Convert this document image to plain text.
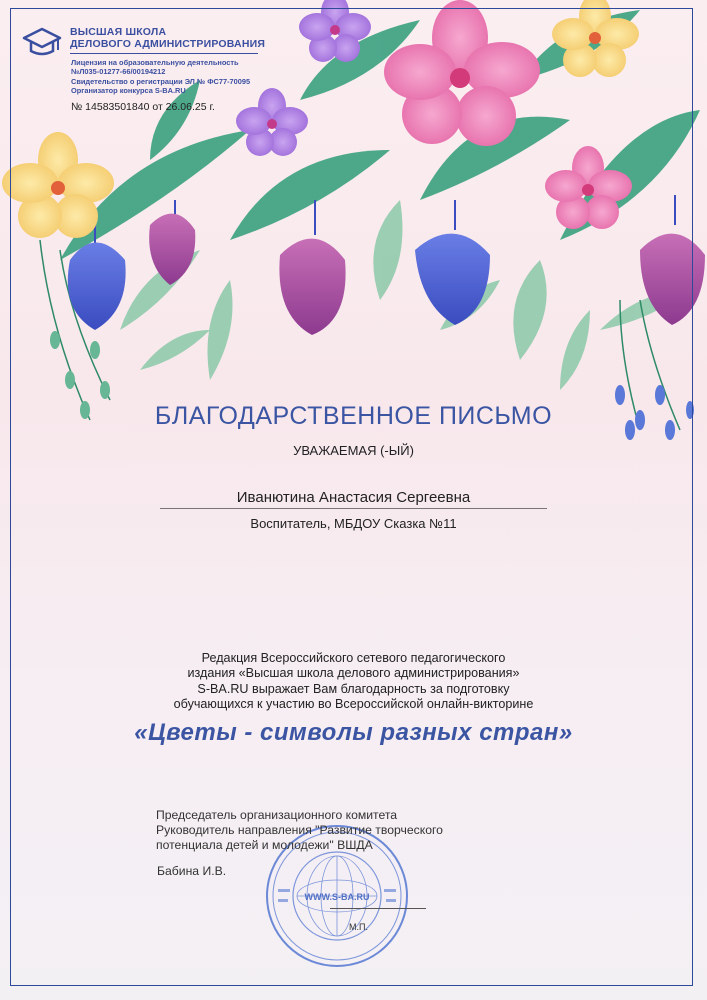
ВЫСШАЯ ШКОЛА
ДЕЛОВОГО АДМИНИСТРИРОВАНИЯ
Лицензия на образовательную деятельность
№Л035-01277-66/00194212
Свидетельство о регистрации ЭЛ № ФС77-70095
Организатор конкурса S-BA.RU
№ 14583501840 от 26.06.25 г.
БЛАГОДАРСТВЕННОЕ ПИСЬМО
УВАЖАЕМАЯ (-ЫЙ)
Иванютина Анастасия Сергеевна
Воспитатель, МБДОУ Сказка №11
Редакция Всероссийского сетевого педагогического
издания «Высшая школа делового администрирования»
S-BA.RU выражает Вам благодарность за подготовку
обучающихся к участию во Всероссийской онлайн-викторине
«Цветы - символы разных стран»
WWW.S-BA.RU
Председатель организационного комитета
Руководитель направления "Развитие творческого
потенциала детей и молодежи" ВШДА
Бабина И.В.
М.П.
